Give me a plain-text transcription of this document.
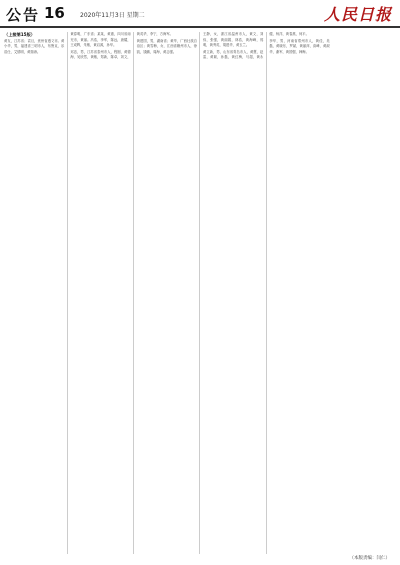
公告 16	2020年11月3日 星期二	人民日报

（上接第15版）

黄友，江苏省；袁旦，贵州省遵义市。黄小华，男，福建省三明市人，布鲁克，乐浩仕，艾德明，黄瑞涛。

黄春明，广东省；某某，黄惠，四川省南充市，黄丽。冯浩，李军，陈远，唐耀，王成辉，朱敏，黄启源，孙华。

邓忠，男，江苏省泰州市人，程刚，黄德海，吴欣然，黄敏，郑新，陈卓，刘文，黄英华，李宁，方海军。

黄建国，男，湖南省；黄华，广西壮族自治区；黄雪梅，女，江西省赣州市人，徐凯，钱鹏，周海，黄志强。

王静，女，浙江省温州市人，黄文，刘伟，张强，黄丽娟，林浩，黄海峰，郭明，黄秀英，胡建华，黄玉兰。

黄立新，男，山东省青岛市人，黄慧，赵雷，黄颖，孙磊，黄红梅，马超，黄永健，杨洋，黄春燕，何平。

李华，男，河南省郑州市人，黄佳，吴磊，黄晓东，罗斌，黄丽萍，高峰，黄淑华，谢军，黄国强，韩梅。

（本版责编：闫仁）
